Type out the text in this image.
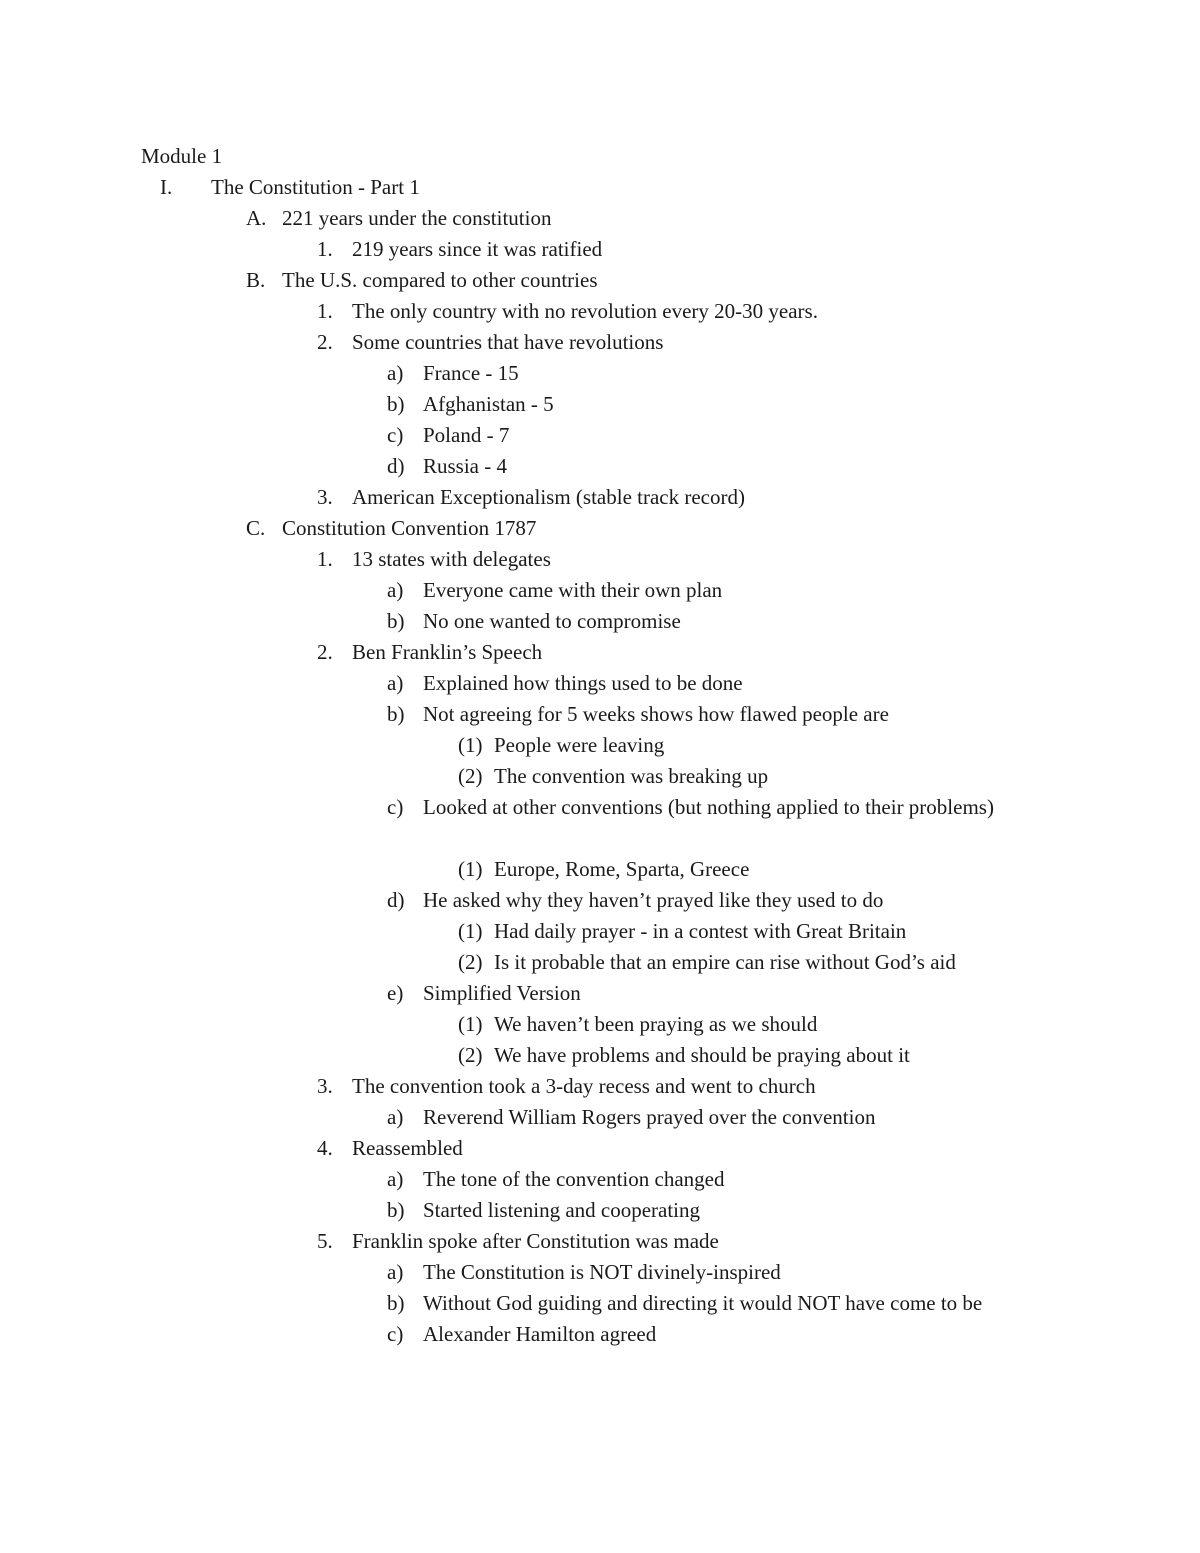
Module 1
I. The Constitution - Part 1
A. 221 years under the constitution
1. 219 years since it was ratified
B. The U.S. compared to other countries
1. The only country with no revolution every 20-30 years.
2. Some countries that have revolutions
a) France - 15
b) Afghanistan - 5
c) Poland - 7
d) Russia - 4
3. American Exceptionalism (stable track record)
C. Constitution Convention 1787
1. 13 states with delegates
a) Everyone came with their own plan
b) No one wanted to compromise
2. Ben Franklin’s Speech
a) Explained how things used to be done
b) Not agreeing for 5 weeks shows how flawed people are
(1) People were leaving
(2) The convention was breaking up
c) Looked at other conventions (but nothing applied to their problems)
(1) Europe, Rome, Sparta, Greece
d) He asked why they haven’t prayed like they used to do
(1) Had daily prayer - in a contest with Great Britain
(2) Is it probable that an empire can rise without God’s aid
e) Simplified Version
(1) We haven’t been praying as we should
(2) We have problems and should be praying about it
3. The convention took a 3-day recess and went to church
a) Reverend William Rogers prayed over the convention
4. Reassembled
a) The tone of the convention changed
b) Started listening and cooperating
5. Franklin spoke after Constitution was made
a) The Constitution is NOT divinely-inspired
b) Without God guiding and directing it would NOT have come to be
c) Alexander Hamilton agreed
